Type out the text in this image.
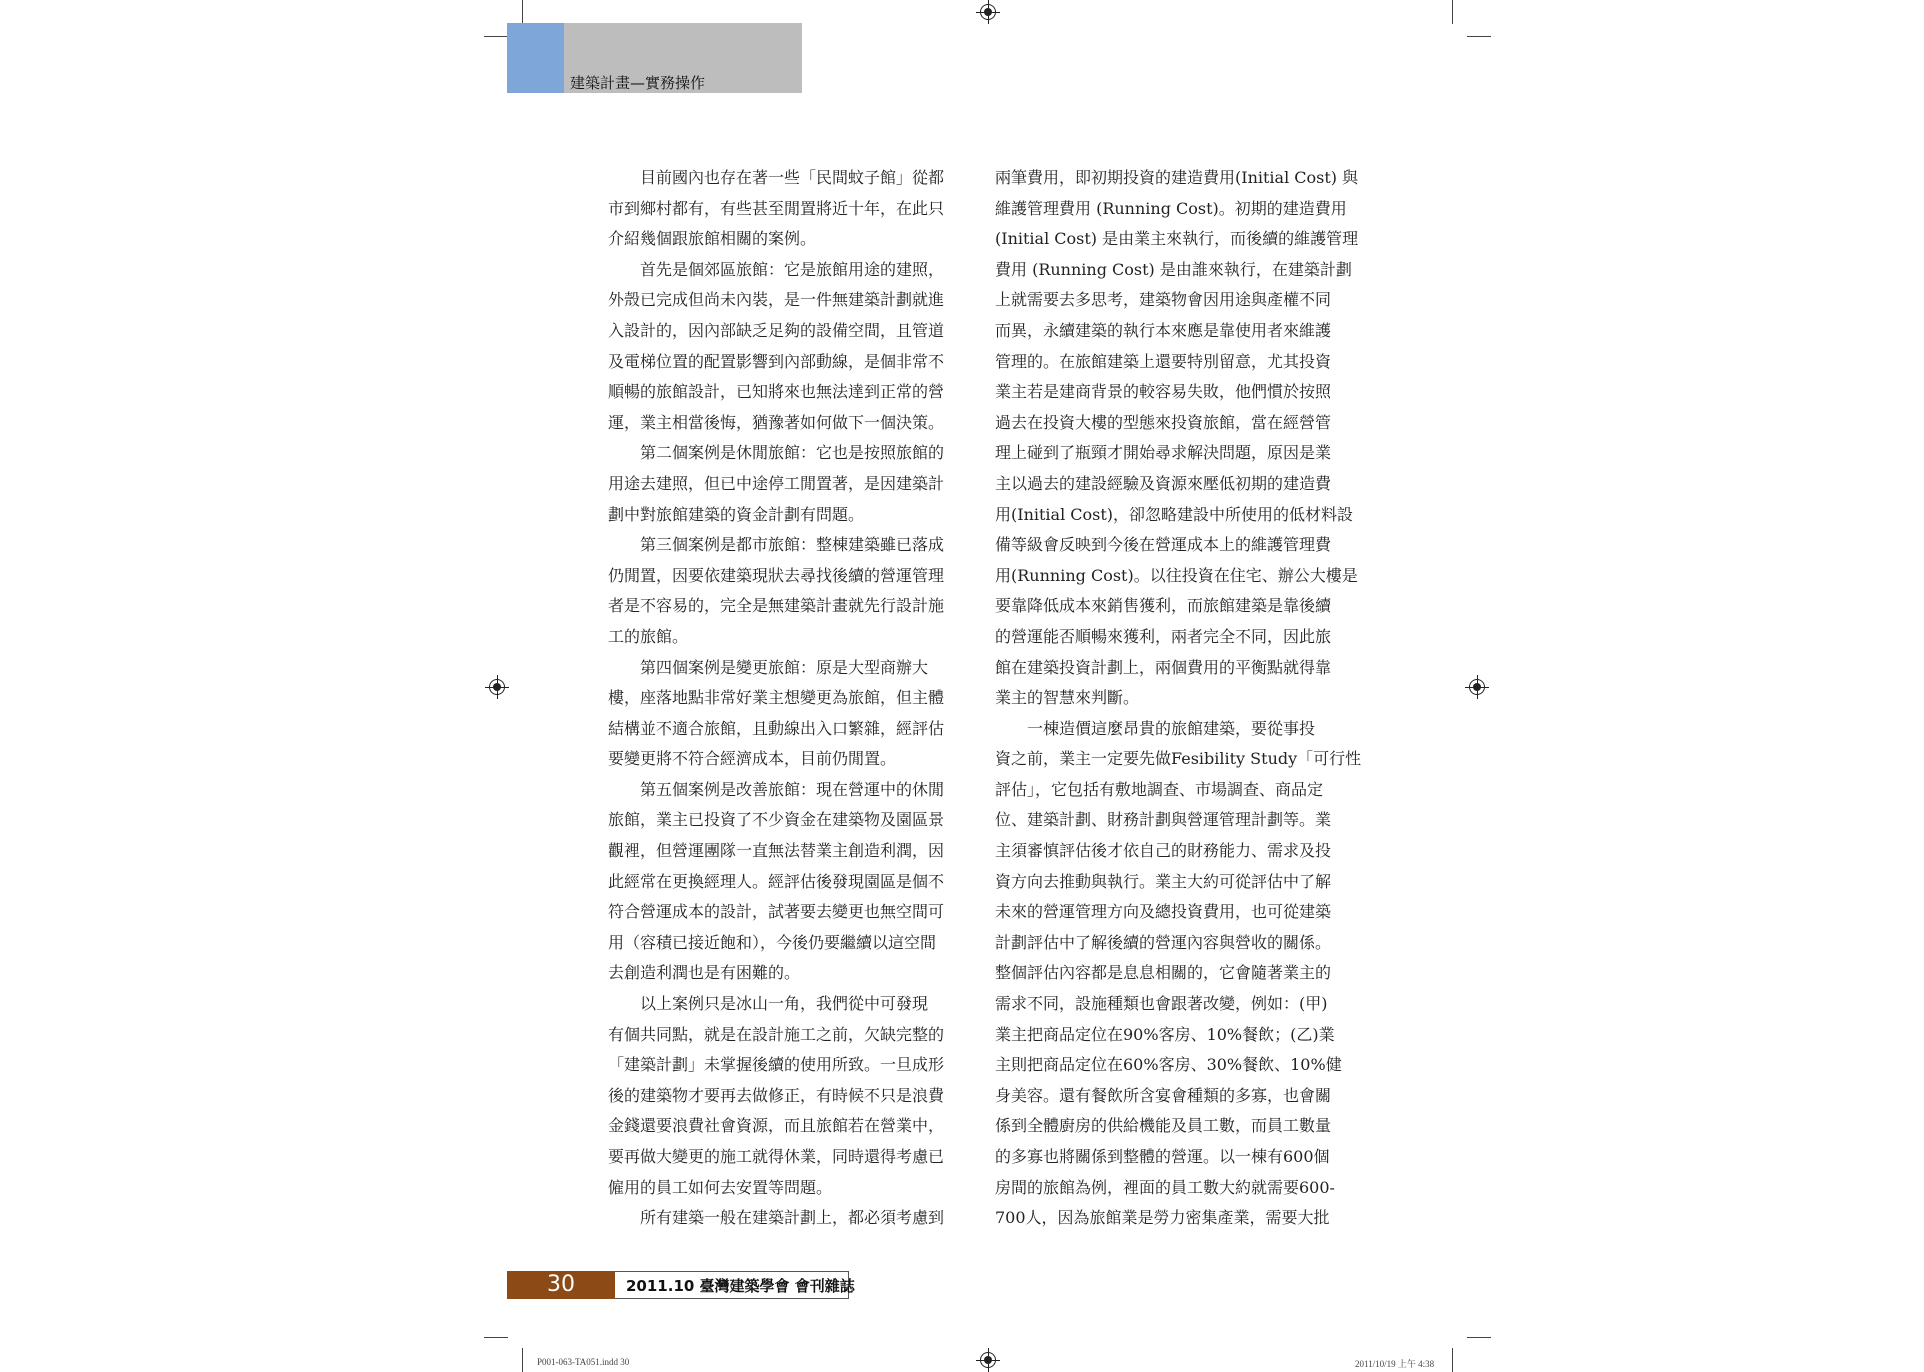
建築計畫—實務操作
　　目前國內也存在著一些「民間蚊子館」從都
市到鄉村都有，有些甚至閒置將近十年，在此只
介紹幾個跟旅館相關的案例。
　　首先是個郊區旅館：它是旅館用途的建照，
外殼已完成但尚未內裝，是一件無建築計劃就進
入設計的，因內部缺乏足夠的設備空間，且管道
及電梯位置的配置影響到內部動線，是個非常不
順暢的旅館設計，已知將來也無法達到正常的營
運，業主相當後悔，猶豫著如何做下一個決策。
　　第二個案例是休閒旅館：它也是按照旅館的
用途去建照，但已中途停工閒置著，是因建築計
劃中對旅館建築的資金計劃有問題。
　　第三個案例是都市旅館：整棟建築雖已落成
仍閒置，因要依建築現狀去尋找後續的營運管理
者是不容易的，完全是無建築計畫就先行設計施
工的旅館。
　　第四個案例是變更旅館：原是大型商辦大
樓，座落地點非常好業主想變更為旅館，但主體
結構並不適合旅館，且動線出入口繁雜，經評估
要變更將不符合經濟成本，目前仍閒置。
　　第五個案例是改善旅館：現在營運中的休閒
旅館，業主已投資了不少資金在建築物及園區景
觀裡，但營運團隊一直無法替業主創造利潤，因
此經常在更換經理人。經評估後發現園區是個不
符合營運成本的設計，試著要去變更也無空間可
用（容積已接近飽和），今後仍要繼續以這空間
去創造利潤也是有困難的。
　　以上案例只是冰山一角，我們從中可發現
有個共同點，就是在設計施工之前，欠缺完整的
「建築計劃」未掌握後續的使用所致。一旦成形
後的建築物才要再去做修正，有時候不只是浪費
金錢還要浪費社會資源，而且旅館若在營業中，
要再做大變更的施工就得休業，同時還得考慮已
僱用的員工如何去安置等問題。
　　所有建築一般在建築計劃上，都必須考慮到
兩筆費用，即初期投資的建造費用(Initial Cost) 與
維護管理費用 (Running Cost)。初期的建造費用
(Initial Cost) 是由業主來執行，而後續的維護管理
費用 (Running Cost) 是由誰來執行，在建築計劃
上就需要去多思考，建築物會因用途與產權不同
而異，永續建築的執行本來應是靠使用者來維護
管理的。在旅館建築上還要特別留意，尤其投資
業主若是建商背景的較容易失敗，他們慣於按照
過去在投資大樓的型態來投資旅館，當在經營管
理上碰到了瓶頸才開始尋求解決問題，原因是業
主以過去的建設經驗及資源來壓低初期的建造費
用(Initial Cost)，卻忽略建設中所使用的低材料設
備等級會反映到今後在營運成本上的維護管理費
用(Running Cost)。以往投資在住宅、辦公大樓是
要靠降低成本來銷售獲利，而旅館建築是靠後續
的營運能否順暢來獲利，兩者完全不同，因此旅
館在建築投資計劃上，兩個費用的平衡點就得靠
業主的智慧來判斷。
　　一棟造價這麼昂貴的旅館建築，要從事投
資之前，業主一定要先做Fesibility Study「可行性
評估」，它包括有敷地調查、市場調查、商品定
位、建築計劃、財務計劃與營運管理計劃等。業
主須審慎評估後才依自己的財務能力、需求及投
資方向去推動與執行。業主大約可從評估中了解
未來的營運管理方向及總投資費用，也可從建築
計劃評估中了解後續的營運內容與營收的關係。
整個評估內容都是息息相關的，它會隨著業主的
需求不同，設施種類也會跟著改變，例如：(甲)
業主把商品定位在90%客房、10%餐飲；(乙)業
主則把商品定位在60%客房、30%餐飲、10%健
身美容。還有餐飲所含宴會種類的多寡，也會關
係到全體廚房的供給機能及員工數，而員工數量
的多寡也將關係到整體的營運。以一棟有600個
房間的旅館為例，裡面的員工數大約就需要600-
700人，因為旅館業是勞力密集產業，需要大批
30	2011.10 臺灣建築學會 會刊雜誌
P001-063-TA051.indd 30	2011/10/19 上午 4:38
